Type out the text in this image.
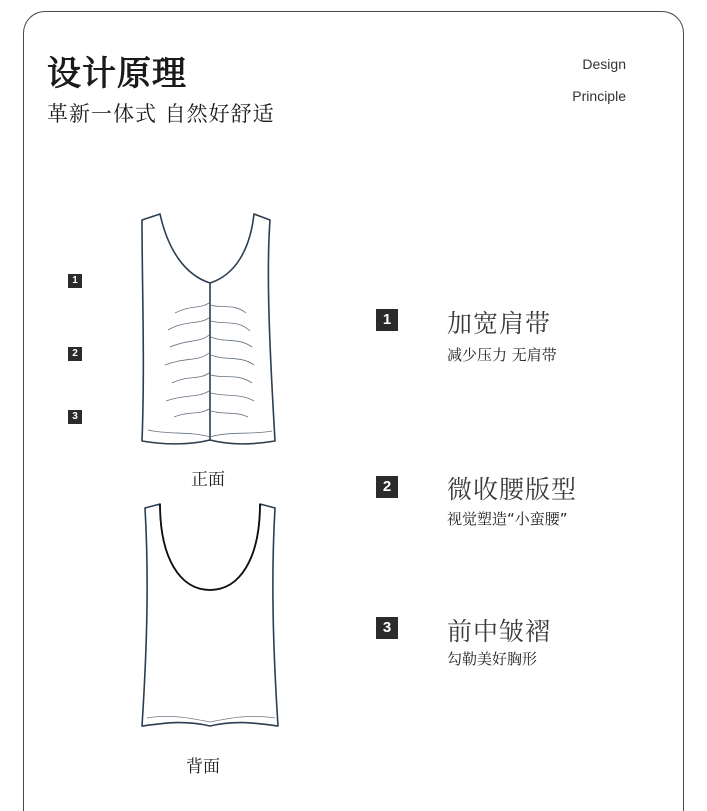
设计原理
革新一体式 自然好舒适
Design
Principle
1
2
3
正面
背面
1 加宽肩带
减少压力 无肩带
2 微收腰版型
视觉塑造“小蛮腰”
3 前中皱褶
勾勒美好胸形
